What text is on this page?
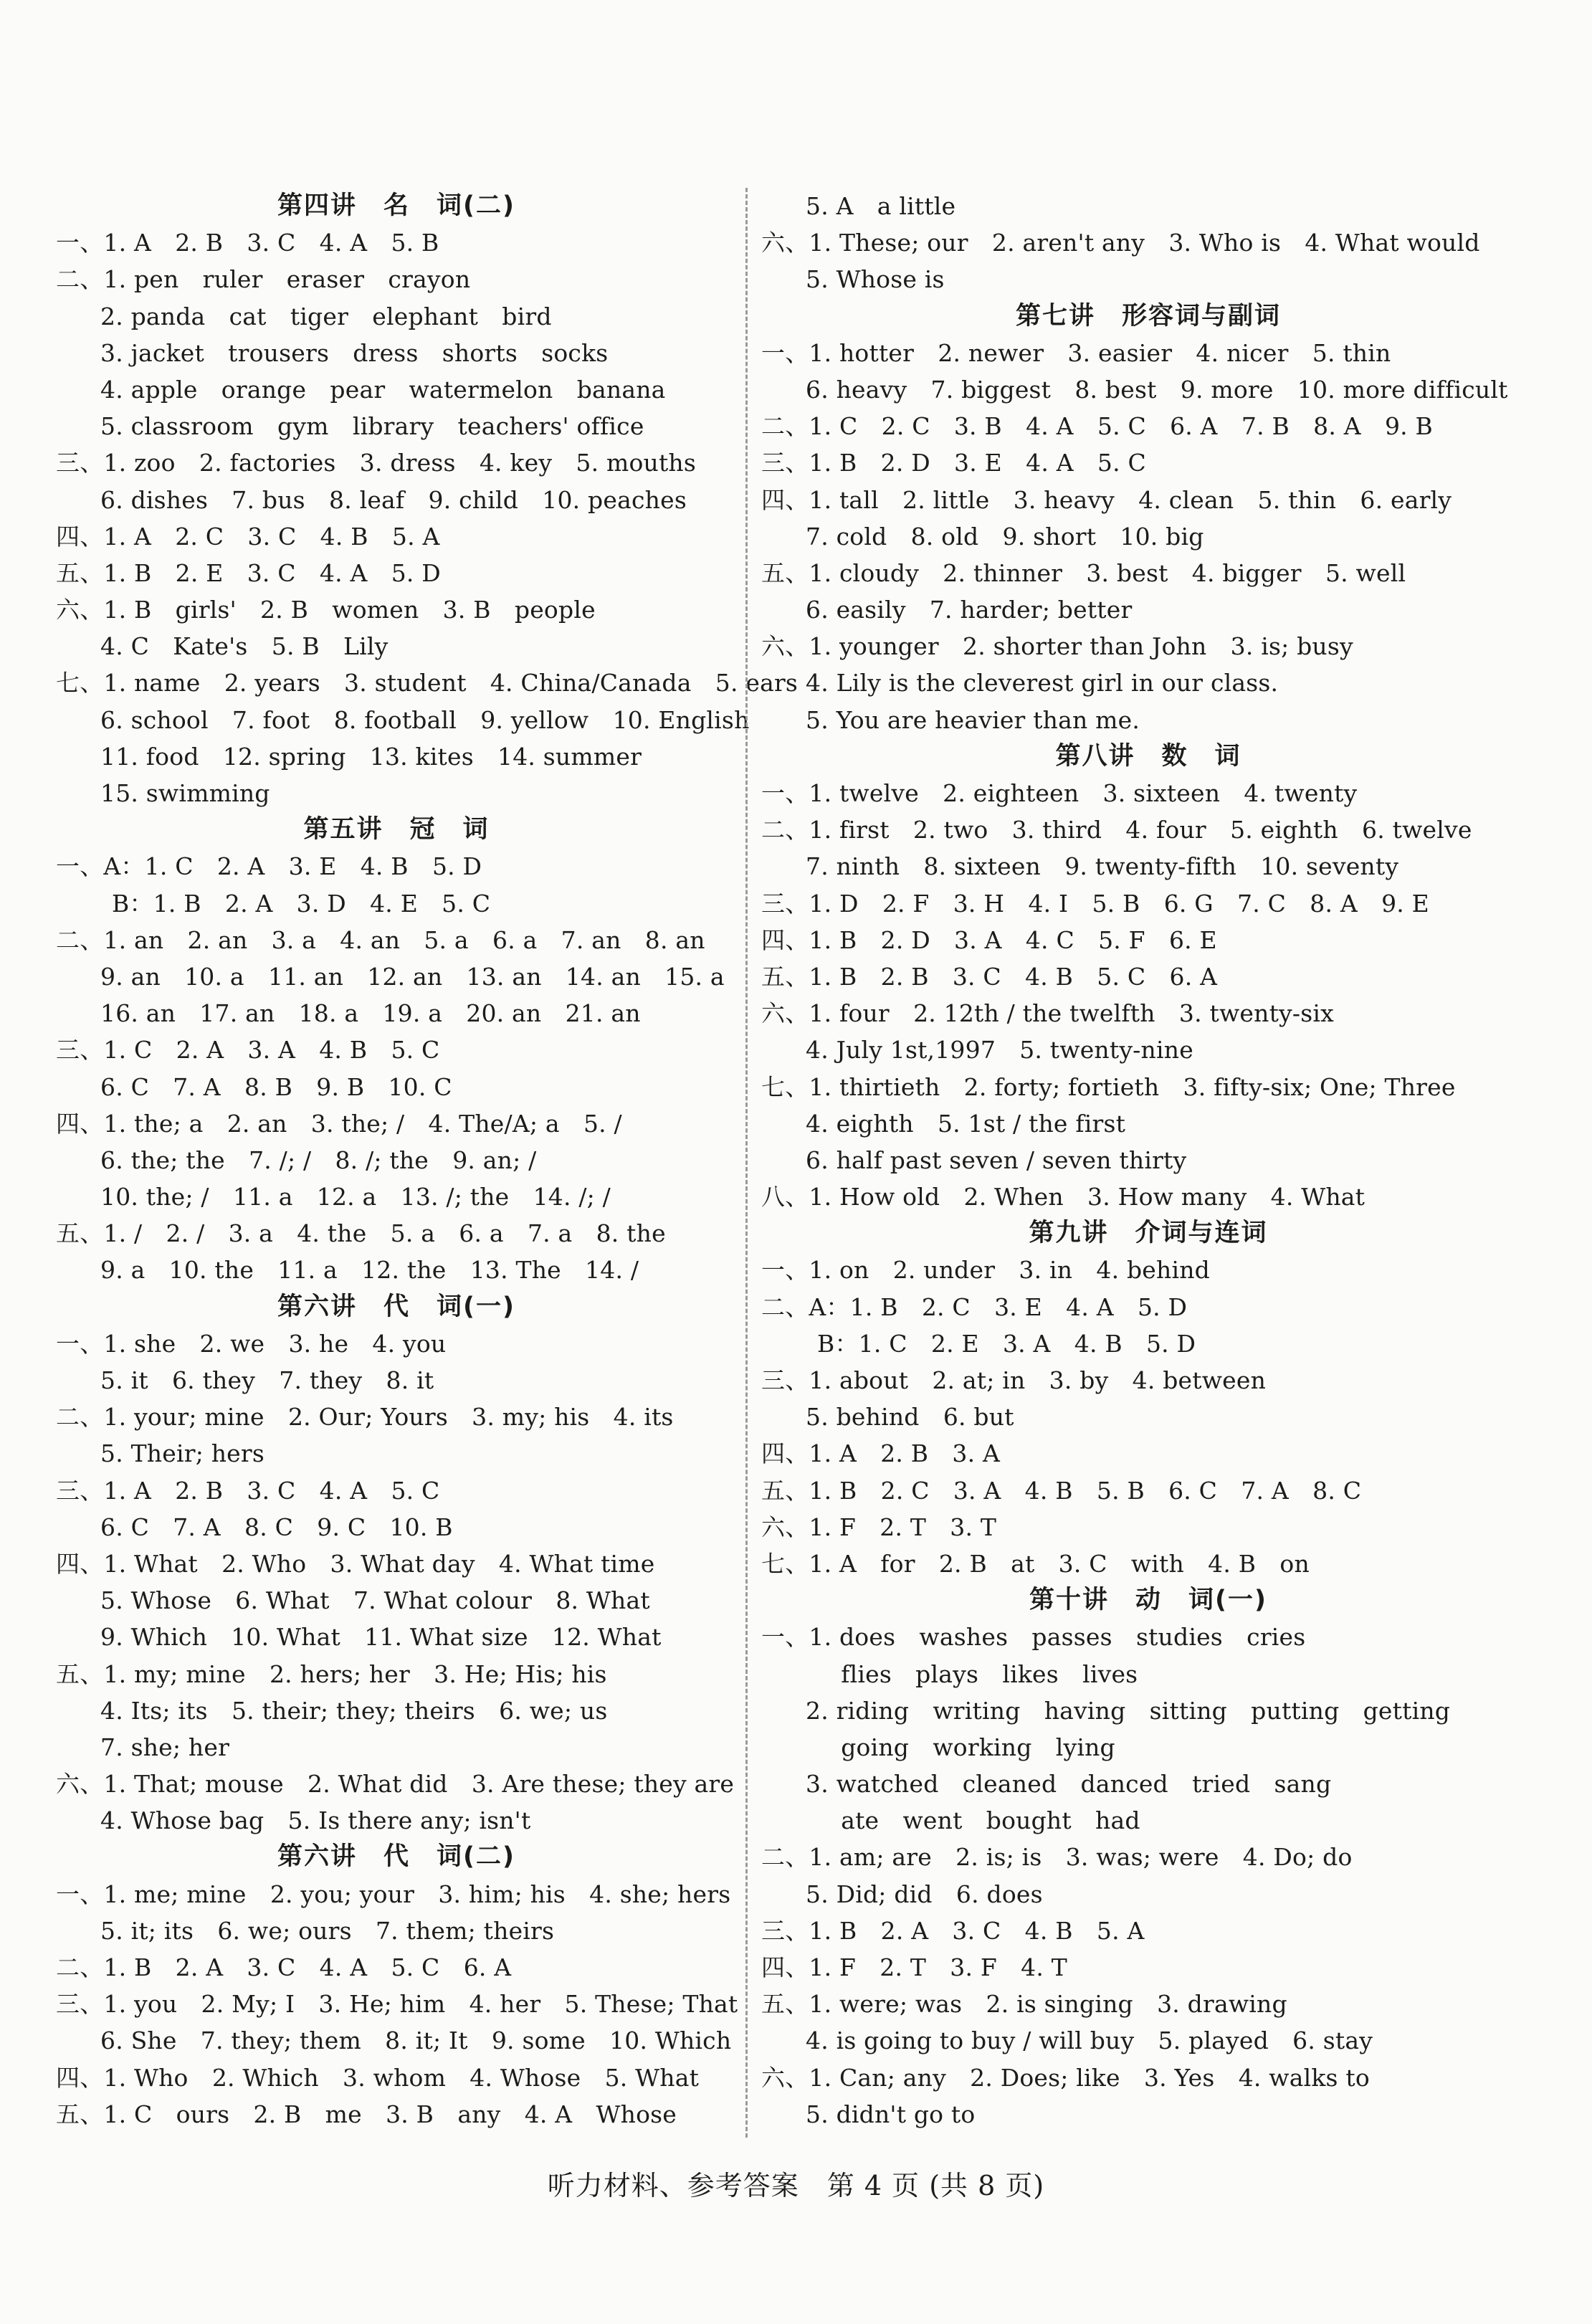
第四讲　名　词(二)
一、1. A　2. B　3. C　4. A　5. B
二、1. pen　ruler　eraser　crayon
2. panda　cat　tiger　elephant　bird
3. jacket　trousers　dress　shorts　socks
4. apple　orange　pear　watermelon　banana
5. classroom　gym　library　teachers' office
三、1. zoo　2. factories　3. dress　4. key　5. mouths
6. dishes　7. bus　8. leaf　9. child　10. peaches
四、1. A　2. C　3. C　4. B　5. A
五、1. B　2. E　3. C　4. A　5. D
六、1. B　girls'　2. B　women　3. B　people
4. C　Kate's　5. B　Lily
七、1. name　2. years　3. student　4. China/Canada　5. ears
6. school　7. foot　8. football　9. yellow　10. English
11. food　12. spring　13. kites　14. summer
15. swimming
第五讲　冠　词
一、A：1. C　2. A　3. E　4. B　5. D
B：1. B　2. A　3. D　4. E　5. C
二、1. an　2. an　3. a　4. an　5. a　6. a　7. an　8. an
9. an　10. a　11. an　12. an　13. an　14. an　15. a
16. an　17. an　18. a　19. a　20. an　21. an
三、1. C　2. A　3. A　4. B　5. C
6. C　7. A　8. B　9. B　10. C
四、1. the; a　2. an　3. the; /　4. The/A; a　5. /
6. the; the　7. /; /　8. /; the　9. an; /
10. the; /　11. a　12. a　13. /; the　14. /; /
五、1. /　2. /　3. a　4. the　5. a　6. a　7. a　8. the
9. a　10. the　11. a　12. the　13. The　14. /
第六讲　代　词(一)
一、1. she　2. we　3. he　4. you
5. it　6. they　7. they　8. it
二、1. your; mine　2. Our; Yours　3. my; his　4. its
5. Their; hers
三、1. A　2. B　3. C　4. A　5. C
6. C　7. A　8. C　9. C　10. B
四、1. What　2. Who　3. What day　4. What time
5. Whose　6. What　7. What colour　8. What
9. Which　10. What　11. What size　12. What
五、1. my; mine　2. hers; her　3. He; His; his
4. Its; its　5. their; they; theirs　6. we; us
7. she; her
六、1. That; mouse　2. What did　3. Are these; they are
4. Whose bag　5. Is there any; isn't
第六讲　代　词(二)
一、1. me; mine　2. you; your　3. him; his　4. she; hers
5. it; its　6. we; ours　7. them; theirs
二、1. B　2. A　3. C　4. A　5. C　6. A
三、1. you　2. My; I　3. He; him　4. her　5. These; That
6. She　7. they; them　8. it; It　9. some　10. Which
四、1. Who　2. Which　3. whom　4. Whose　5. What
五、1. C　ours　2. B　me　3. B　any　4. A　Whose
5. A　a little
六、1. These; our　2. aren't any　3. Who is　4. What would
5. Whose is
第七讲　形容词与副词
一、1. hotter　2. newer　3. easier　4. nicer　5. thin
6. heavy　7. biggest　8. best　9. more　10. more difficult
二、1. C　2. C　3. B　4. A　5. C　6. A　7. B　8. A　9. B
三、1. B　2. D　3. E　4. A　5. C
四、1. tall　2. little　3. heavy　4. clean　5. thin　6. early
7. cold　8. old　9. short　10. big
五、1. cloudy　2. thinner　3. best　4. bigger　5. well
6. easily　7. harder; better
六、1. younger　2. shorter than John　3. is; busy
4. Lily is the cleverest girl in our class.
5. You are heavier than me.
第八讲　数　词
一、1. twelve　2. eighteen　3. sixteen　4. twenty
二、1. first　2. two　3. third　4. four　5. eighth　6. twelve
7. ninth　8. sixteen　9. twenty-fifth　10. seventy
三、1. D　2. F　3. H　4. I　5. B　6. G　7. C　8. A　9. E
四、1. B　2. D　3. A　4. C　5. F　6. E
五、1. B　2. B　3. C　4. B　5. C　6. A
六、1. four　2. 12th / the twelfth　3. twenty-six
4. July 1st,1997　5. twenty-nine
七、1. thirtieth　2. forty; fortieth　3. fifty-six; One; Three
4. eighth　5. 1st / the first
6. half past seven / seven thirty
八、1. How old　2. When　3. How many　4. What
第九讲　介词与连词
一、1. on　2. under　3. in　4. behind
二、A：1. B　2. C　3. E　4. A　5. D
B：1. C　2. E　3. A　4. B　5. D
三、1. about　2. at; in　3. by　4. between
5. behind　6. but
四、1. A　2. B　3. A
五、1. B　2. C　3. A　4. B　5. B　6. C　7. A　8. C
六、1. F　2. T　3. T
七、1. A　for　2. B　at　3. C　with　4. B　on
第十讲　动　词(一)
一、1. does　washes　passes　studies　cries
　flies　plays　likes　lives
2. riding　writing　having　sitting　putting　getting
　going　working　lying
3. watched　cleaned　danced　tried　sang
　ate　went　bought　had
二、1. am; are　2. is; is　3. was; were　4. Do; do
5. Did; did　6. does
三、1. B　2. A　3. C　4. B　5. A
四、1. F　2. T　3. F　4. T
五、1. were; was　2. is singing　3. drawing
4. is going to buy / will buy　5. played　6. stay
六、1. Can; any　2. Does; like　3. Yes　4. walks to
5. didn't go to
听力材料、参考答案　第 4 页 (共 8 页)
